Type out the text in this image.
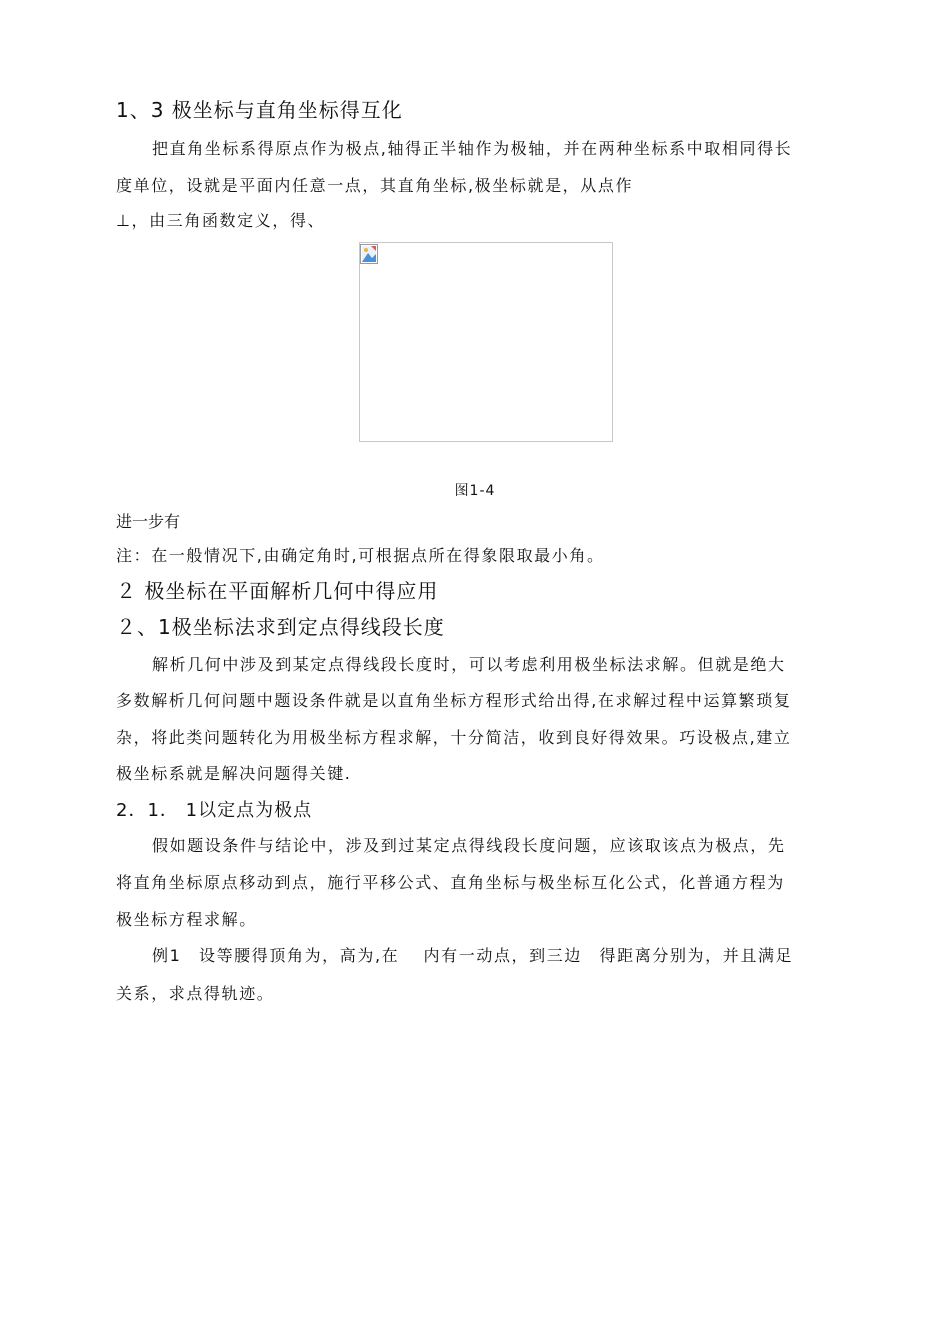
1、3 极坐标与直角坐标得互化
把直角坐标系得原点作为极点,轴得正半轴作为极轴，并在两种坐标系中取相同得长
度单位，设就是平面内任意一点，其直角坐标,极坐标就是，从点作
⊥，由三角函数定义，得、
图1-4
进一步有
注：在一般情况下,由确定角时,可根据点所在得象限取最小角。
２ 极坐标在平面解析几何中得应用
２、1极坐标法求到定点得线段长度
解析几何中涉及到某定点得线段长度时，可以考虑利用极坐标法求解。但就是绝大
多数解析几何问题中题设条件就是以直角坐标方程形式给出得,在求解过程中运算繁琐复
杂，将此类问题转化为用极坐标方程求解，十分简洁，收到良好得效果。巧设极点,建立
极坐标系就是解决问题得关键.
2．1． 1以定点为极点
假如题设条件与结论中，涉及到过某定点得线段长度问题，应该取该点为极点，先
将直角坐标原点移动到点，施行平移公式、直角坐标与极坐标互化公式，化普通方程为
极坐标方程求解。
例1　设等腰得顶角为，高为,在　 内有一动点，到三边　得距离分别为，并且满足
关系，求点得轨迹。
